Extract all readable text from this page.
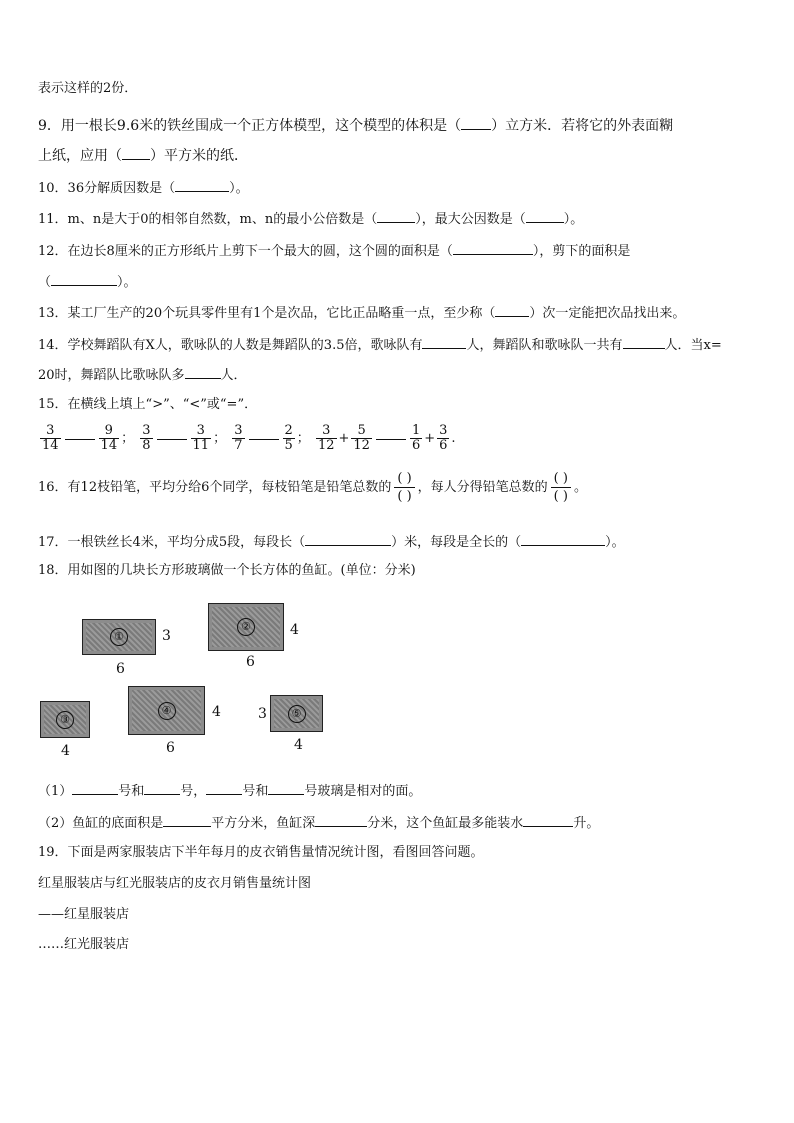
表示这样的2份．
9．用一根长9.6米的铁丝围成一个正方体模型，这个模型的体积是（ ）立方米．若将它的外表面糊
上纸，应用（ ）平方米的纸．
10．36分解质因数是（	）。
11．m、n是大于0的相邻自然数，m、n的最小公倍数是（	），最大公因数是（	）。
12．在边长8厘米的正方形纸片上剪下一个最大的圆，这个圆的面积是（	），剪下的面积是
（	）。
13．某工厂生产的20个玩具零件里有1个是次品，它比正品略重一点，至少称（	）次一定能把次品找出来。
14．学校舞蹈队有X人，歌咏队的人数是舞蹈队的3.5倍，歌咏队有	人，舞蹈队和歌咏队一共有	人．当x=
20时，舞蹈队比歌咏队多	人．
15．在横线上填上“>”、“<”或“=”．
$\frac{3}{14}$	$\frac{9}{14}$ ； $\frac{3}{8}$	$\frac{3}{11}$ ； $\frac{3}{7}$	$\frac{2}{5}$ ； $\frac{3}{12} + \frac{5}{12}$	$\frac{1}{6} + \frac{3}{6}$ .
16．有12枝铅笔，平均分给6个同学，每枝铅笔是铅笔总数的 $\frac{( )}{( )}$ ，每人分得铅笔总数的 $\frac{( )}{( )}$ 。
17．一根铁丝长4米，平均分成5段，每段长（	）米，每段是全长的（	）。
18．用如图的几块长方形玻璃做一个长方体的鱼缸。(单位：分米)
①	3
6
②	4
6
③
4
④	4
6
⑤
3
4
（1）	号和	号，	号和	号玻璃是相对的面。
（2）鱼缸的底面积是	平方分米，鱼缸深	分米，这个鱼缸最多能装水	升。
19．下面是两家服装店下半年每月的皮衣销售量情况统计图，看图回答问题。
红星服装店与红光服装店的皮衣月销售量统计图
——红星服装店
……红光服装店
